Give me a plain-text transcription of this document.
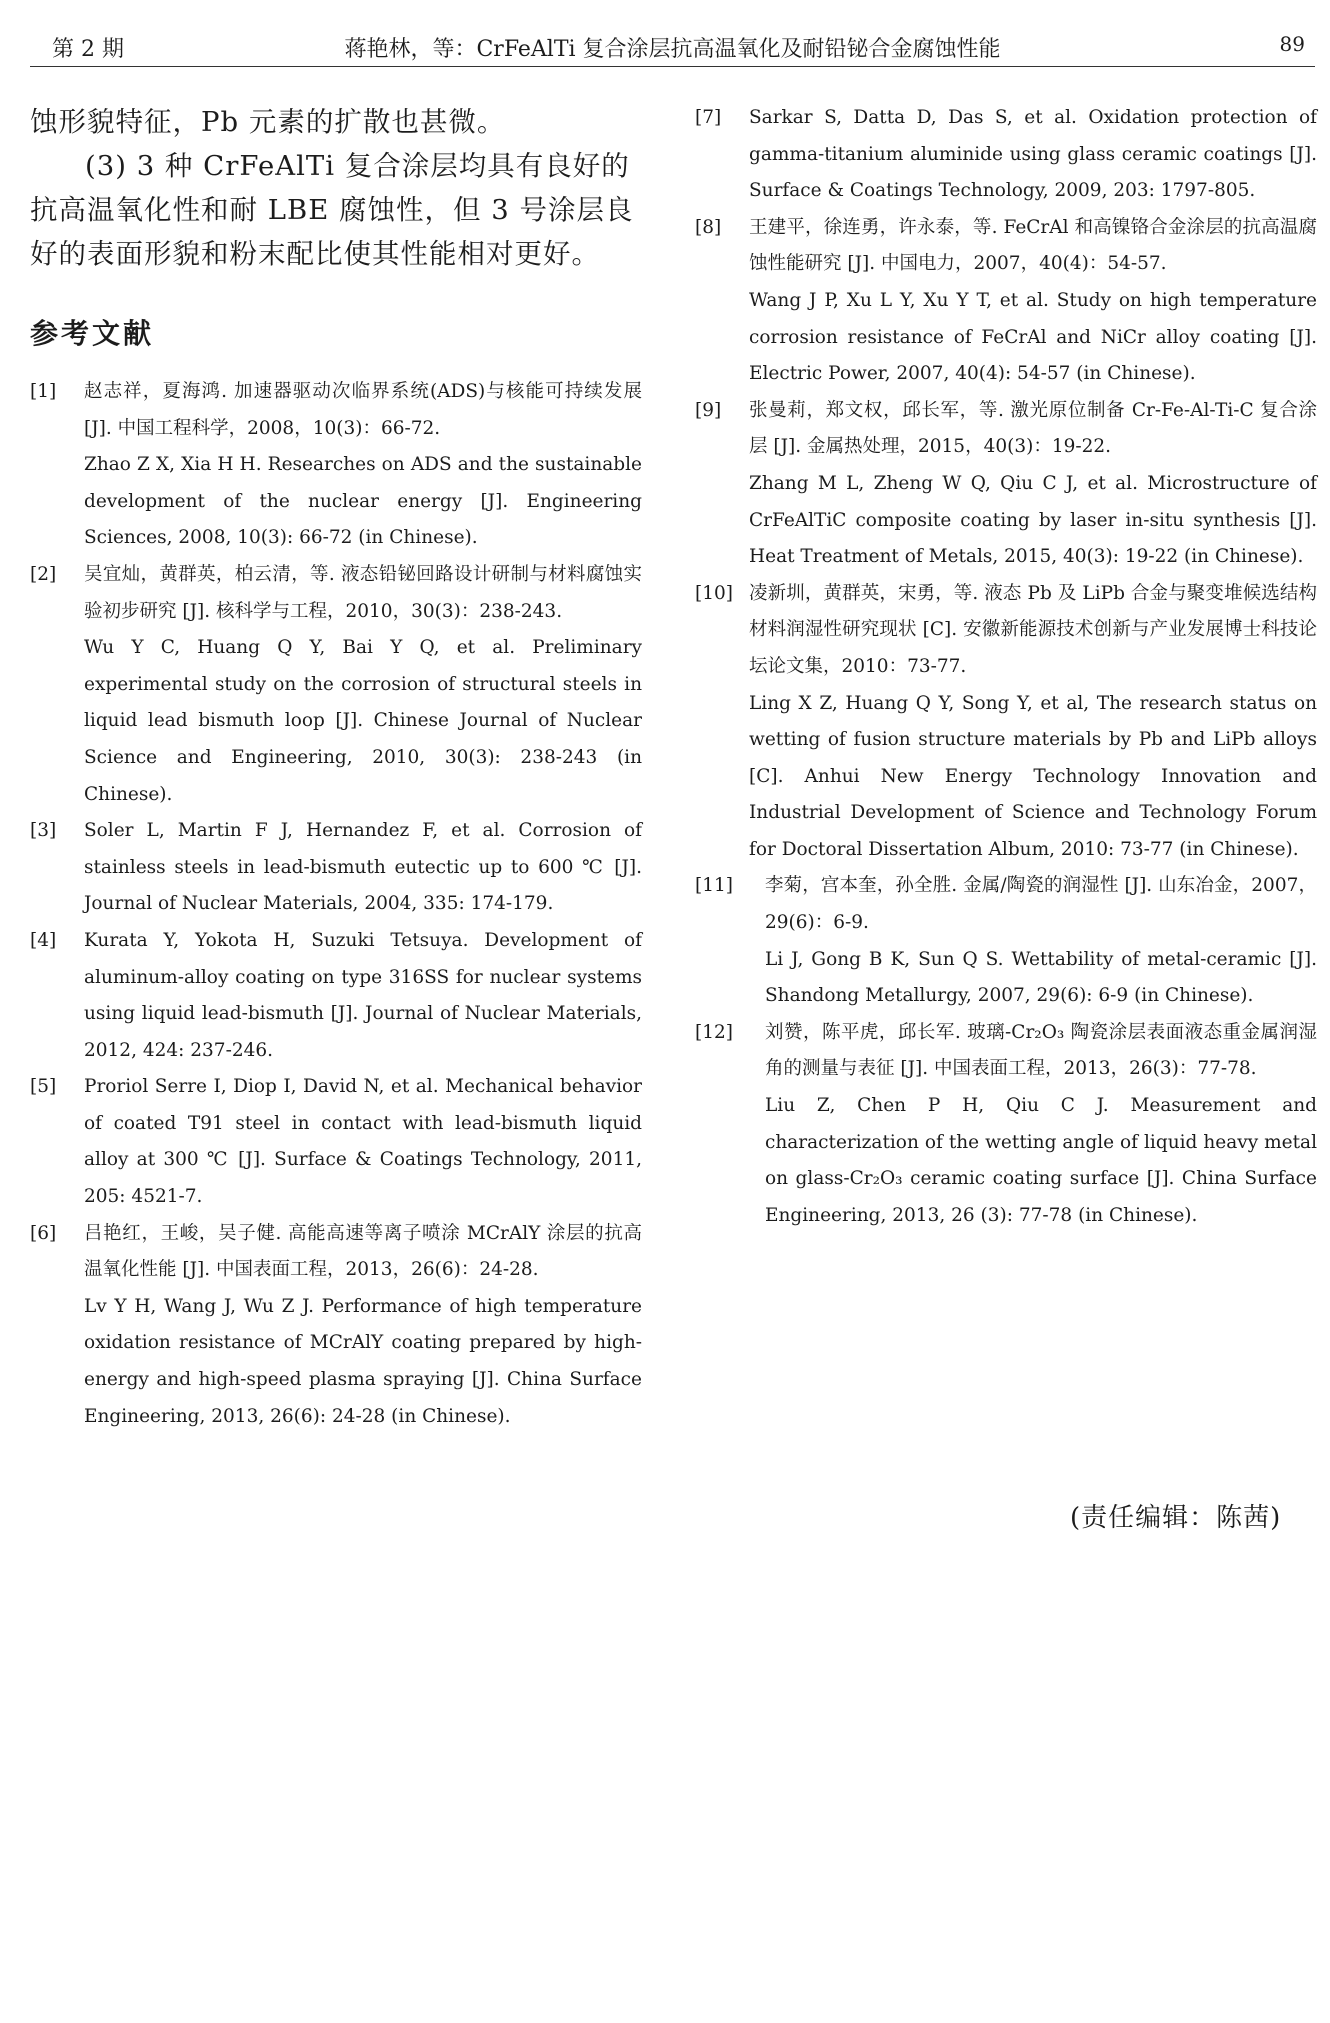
第 2 期	蒋艳林，等：CrFeAlTi 复合涂层抗高温氧化及耐铅铋合金腐蚀性能	89

蚀形貌特征，Pb 元素的扩散也甚微。

(3) 3 种 CrFeAlTi 复合涂层均具有良好的抗高温氧化性和耐 LBE 腐蚀性，但 3 号涂层良好的表面形貌和粉末配比使其性能相对更好。

参考文献
[1] 赵志祥，夏海鸿. 加速器驱动次临界系统(ADS)与核能可持续发展 [J]. 中国工程科学，2008，10(3)：66-72.

Zhao Z X, Xia H H. Researches on ADS and the sustainable development of the nuclear energy [J]. Engineering Sciences, 2008, 10(3): 66-72 (in Chinese).

[2] 吴宜灿，黄群英，柏云清，等. 液态铅铋回路设计研制与材料腐蚀实验初步研究 [J]. 核科学与工程，2010，30(3)：238-243.

Wu Y C, Huang Q Y, Bai Y Q, et al. Preliminary experimental study on the corrosion of structural steels in liquid lead bismuth loop [J]. Chinese Journal of Nuclear Science and Engineering, 2010, 30(3): 238-243 (in Chinese).

[3] Soler L, Martin F J, Hernandez F, et al. Corrosion of stainless steels in lead-bismuth eutectic up to 600 ℃ [J]. Journal of Nuclear Materials, 2004, 335: 174-179.

[4] Kurata Y, Yokota H, Suzuki Tetsuya. Development of aluminum-alloy coating on type 316SS for nuclear systems using liquid lead-bismuth [J]. Journal of Nuclear Materials, 2012, 424: 237-246.

[5] Proriol Serre I, Diop I, David N, et al. Mechanical behavior of coated T91 steel in contact with lead-bismuth liquid alloy at 300 ℃ [J]. Surface & Coatings Technology, 2011, 205: 4521-7.

[6] 吕艳红，王峻，吴子健. 高能高速等离子喷涂 MCrAlY 涂层的抗高温氧化性能 [J]. 中国表面工程，2013，26(6)：24-28.

Lv Y H, Wang J, Wu Z J. Performance of high temperature oxidation resistance of MCrAlY coating prepared by high-energy and high-speed plasma spraying [J]. China Surface Engineering, 2013, 26(6): 24-28 (in Chinese).

[7] Sarkar S, Datta D, Das S, et al. Oxidation protection of gamma-titanium aluminide using glass ceramic coatings [J]. Surface & Coatings Technology, 2009, 203: 1797-805.

[8] 王建平，徐连勇，许永泰，等. FeCrAl 和高镍铬合金涂层的抗高温腐蚀性能研究 [J]. 中国电力，2007，40(4)：54-57.

Wang J P, Xu L Y, Xu Y T, et al. Study on high temperature corrosion resistance of FeCrAl and NiCr alloy coating [J]. Electric Power, 2007, 40(4): 54-57 (in Chinese).

[9] 张曼莉，郑文权，邱长军，等. 激光原位制备 Cr-Fe-Al-Ti-C 复合涂层 [J]. 金属热处理，2015，40(3)：19-22.

Zhang M L, Zheng W Q, Qiu C J, et al. Microstructure of CrFeAlTiC composite coating by laser in-situ synthesis [J]. Heat Treatment of Metals, 2015, 40(3): 19-22 (in Chinese).

[10] 凌新圳，黄群英，宋勇，等. 液态 Pb 及 LiPb 合金与聚变堆候选结构材料润湿性研究现状 [C]. 安徽新能源技术创新与产业发展博士科技论坛论文集，2010：73-77.

Ling X Z, Huang Q Y, Song Y, et al, The research status on wetting of fusion structure materials by Pb and LiPb alloys [C]. Anhui New Energy Technology Innovation and Industrial Development of Science and Technology Forum for Doctoral Dissertation Album, 2010: 73-77 (in Chinese).

[11] 李菊，宫本奎，孙全胜. 金属/陶瓷的润湿性 [J]. 山东冶金，2007，29(6)：6-9.

Li J, Gong B K, Sun Q S. Wettability of metal-ceramic [J]. Shandong Metallurgy, 2007, 29(6): 6-9 (in Chinese).

[12] 刘赞，陈平虎，邱长军. 玻璃-Cr₂O₃ 陶瓷涂层表面液态重金属润湿角的测量与表征 [J]. 中国表面工程，2013，26(3)：77-78.

Liu Z, Chen P H, Qiu C J. Measurement and characterization of the wetting angle of liquid heavy metal on glass-Cr₂O₃ ceramic coating surface [J]. China Surface Engineering, 2013, 26 (3): 77-78 (in Chinese).

(责任编辑：陈茜)
